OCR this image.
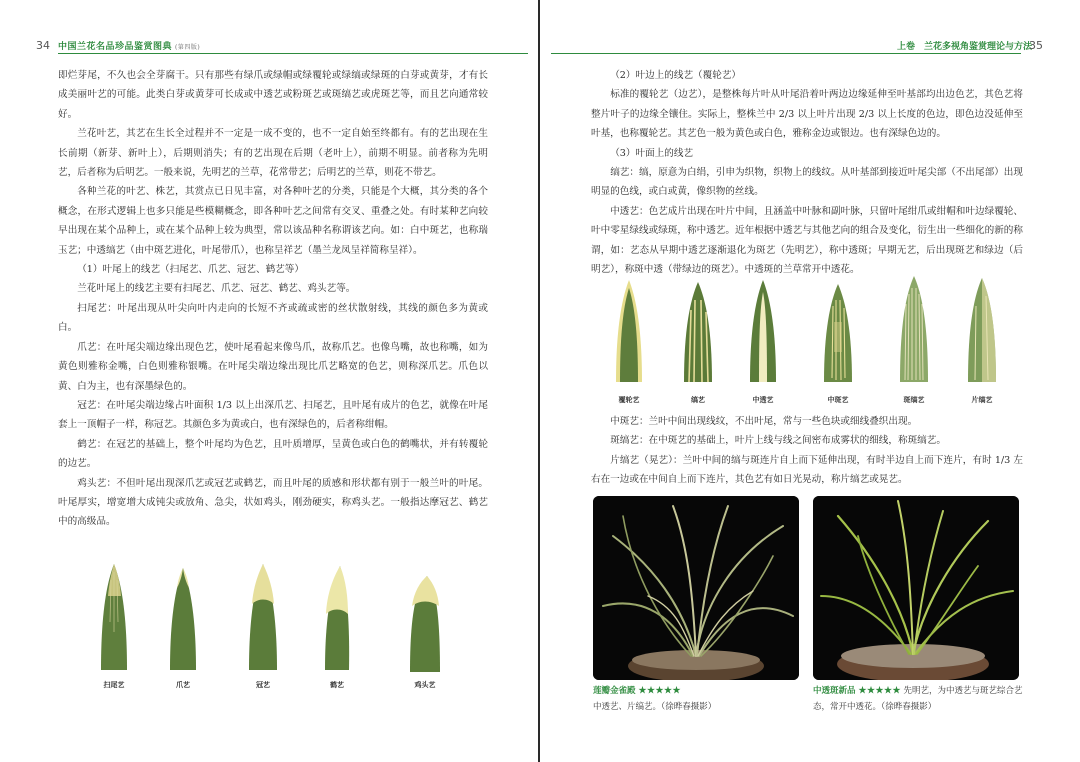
34 中国兰花名品珍品鉴赏图典 (第四版)

即烂芽尾，不久也会全芽腐干。只有那些有绿爪或绿帽或绿覆轮或绿缟或绿斑的白芽或黄芽，才有长成美丽叶艺的可能。此类白芽或黄芽可长成或中透艺或粉斑艺或斑缟艺或虎斑艺等，而且艺向通常较好。

兰花叶艺，其艺在生长全过程并不一定是一成不变的，也不一定自始至终都有。有的艺出现在生长前期（新芽、新叶上），后期则消失；有的艺出现在后期（老叶上），前期不明显。前者称为先明艺，后者称为后明艺。一般来说，先明艺的兰草，花常带艺；后明艺的兰草，则花不带艺。

各种兰花的叶艺、株艺，其赏点已日见丰富，对各种叶艺的分类，只能是个大概，其分类的各个概念，在形式逻辑上也多只能是些模糊概念，即各种叶艺之间常有交叉、重叠之处。有时某种艺向较早出现在某个品种上，或在某个品种上较为典型，常以该品种名称谓该艺向。如：白中斑艺，也称瑞玉艺；中透缟艺（由中斑艺进化，叶尾带爪），也称呈祥艺（墨兰龙凤呈祥简称呈祥）。

（1）叶尾上的线艺（扫尾艺、爪艺、冠艺、鹤艺等）

兰花叶尾上的线艺主要有扫尾艺、爪艺、冠艺、鹤艺、鸡头艺等。

扫尾艺：叶尾出现从叶尖向叶内走向的长短不齐或疏或密的丝状散射线，其线的颜色多为黄或白。

爪艺：在叶尾尖端边缘出现色艺，使叶尾看起来像鸟爪，故称爪艺。也像鸟嘴，故也称嘴，如为黄色则雅称金嘴，白色则雅称银嘴。在叶尾尖端边缘出现比爪艺略宽的色艺，则称深爪艺。爪色以黄、白为主，也有深墨绿色的。

冠艺：在叶尾尖端边缘占叶面积 1/3 以上出深爪艺、扫尾艺，且叶尾有成片的色艺，就像在叶尾套上一顶帽子一样，称冠艺。其颜色多为黄或白，也有深绿色的，后者称绀帽。

鹤艺：在冠艺的基础上，整个叶尾均为色艺，且叶质增厚，呈黄色或白色的鹤嘴状，并有转覆轮的边艺。

鸡头艺：不但叶尾出现深爪艺或冠艺或鹤艺，而且叶尾的质感和形状都有别于一般兰叶的叶尾。叶尾厚实，增宽增大成钝尖或放角、急尖，状如鸡头，刚劲硬实，称鸡头艺。一般指达摩冠艺、鹤艺中的高级品。

扫尾艺	爪艺	冠艺	鹤艺	鸡头艺
上卷　兰花多视角鉴赏理论与方法
35

（2）叶边上的线艺（覆轮艺）

标准的覆轮艺（边艺），是整株每片叶从叶尾沿着叶两边边缘延伸至叶基部均出边色艺，其色艺将整片叶子的边缘全镶住。实际上，整株兰中 2/3 以上叶片出现 2/3 以上长度的色边，即色边没延伸至叶基，也称覆轮艺。其艺色一般为黄色或白色，雅称金边或银边。也有深绿色边的。

（3）叶面上的线艺

缟艺：缟，原意为白绢，引申为织物，织物上的线纹。从叶基部到接近叶尾尖部（不出尾部）出现明显的色线，或白或黄，像织物的丝线。

中透艺：色艺成片出现在叶片中间，且涵盖中叶脉和副叶脉，只留叶尾绀爪或绀帽和叶边绿覆轮、叶中零星绿线或绿斑，称中透艺。近年根据中透艺与其他艺向的组合及变化，衍生出一些细化的新的称谓，如：艺态从早期中透艺逐渐退化为斑艺（先明艺），称中透斑；早期无艺，后出现斑艺和绿边（后明艺），称斑中透（带绿边的斑艺）。中透斑的兰草常开中透花。

覆轮艺	缟艺	中透艺	中斑艺	斑缟艺	片缟艺

中斑艺：兰叶中间出现线纹，不出叶尾，常与一些色块或细线叠织出现。

斑缟艺：在中斑艺的基础上，叶片上线与线之间密布成雾状的细线，称斑缟艺。

片缟艺（晃艺）：兰叶中间的缟与斑连片自上而下延伸出现，有时半边自上而下连片，有时 1/3 左右在一边或在中间自上而下连片，其色艺有如日光晃动，称片缟艺或晃艺。

莲瓣金雀殿 ★★★★★ 中透艺、片缟艺。（徐晔春摄影）
中透斑新品 ★★★★★ 先明艺，为中透艺与斑艺综合艺态，常开中透花。（徐晔春摄影）
